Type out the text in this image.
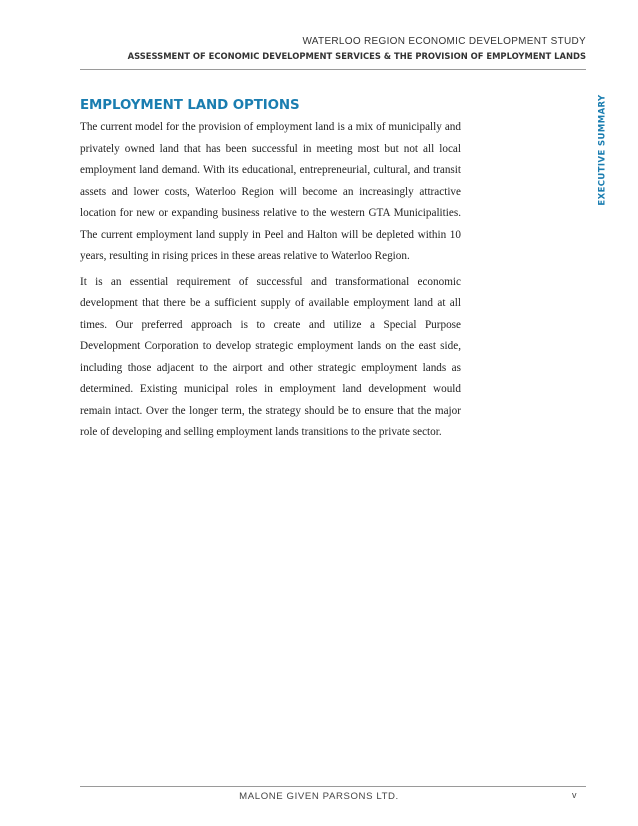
WATERLOO REGION ECONOMIC DEVELOPMENT STUDY
ASSESSMENT OF ECONOMIC DEVELOPMENT SERVICES & THE PROVISION OF EMPLOYMENT LANDS
EXECUTIVE SUMMARY
EMPLOYMENT LAND OPTIONS

The current model for the provision of employment land is a mix of municipally and privately owned land that has been successful in meeting most but not all local employment land demand. With its educational, entrepreneurial, cultural, and transit assets and lower costs, Waterloo Region will become an increasingly attractive location for new or expanding business relative to the western GTA Municipalities. The current employment land supply in Peel and Halton will be depleted within 10 years, resulting in rising prices in these areas relative to Waterloo Region.

It is an essential requirement of successful and transformational economic development that there be a sufficient supply of available employment land at all times. Our preferred approach is to create and utilize a Special Purpose Development Corporation to develop strategic employment lands on the east side, including those adjacent to the airport and other strategic employment lands as determined. Existing municipal roles in employment land development would remain intact. Over the longer term, the strategy should be to ensure that the major role of developing and selling employment lands transitions to the private sector.

MALONE GIVEN PARSONS LTD.	v
